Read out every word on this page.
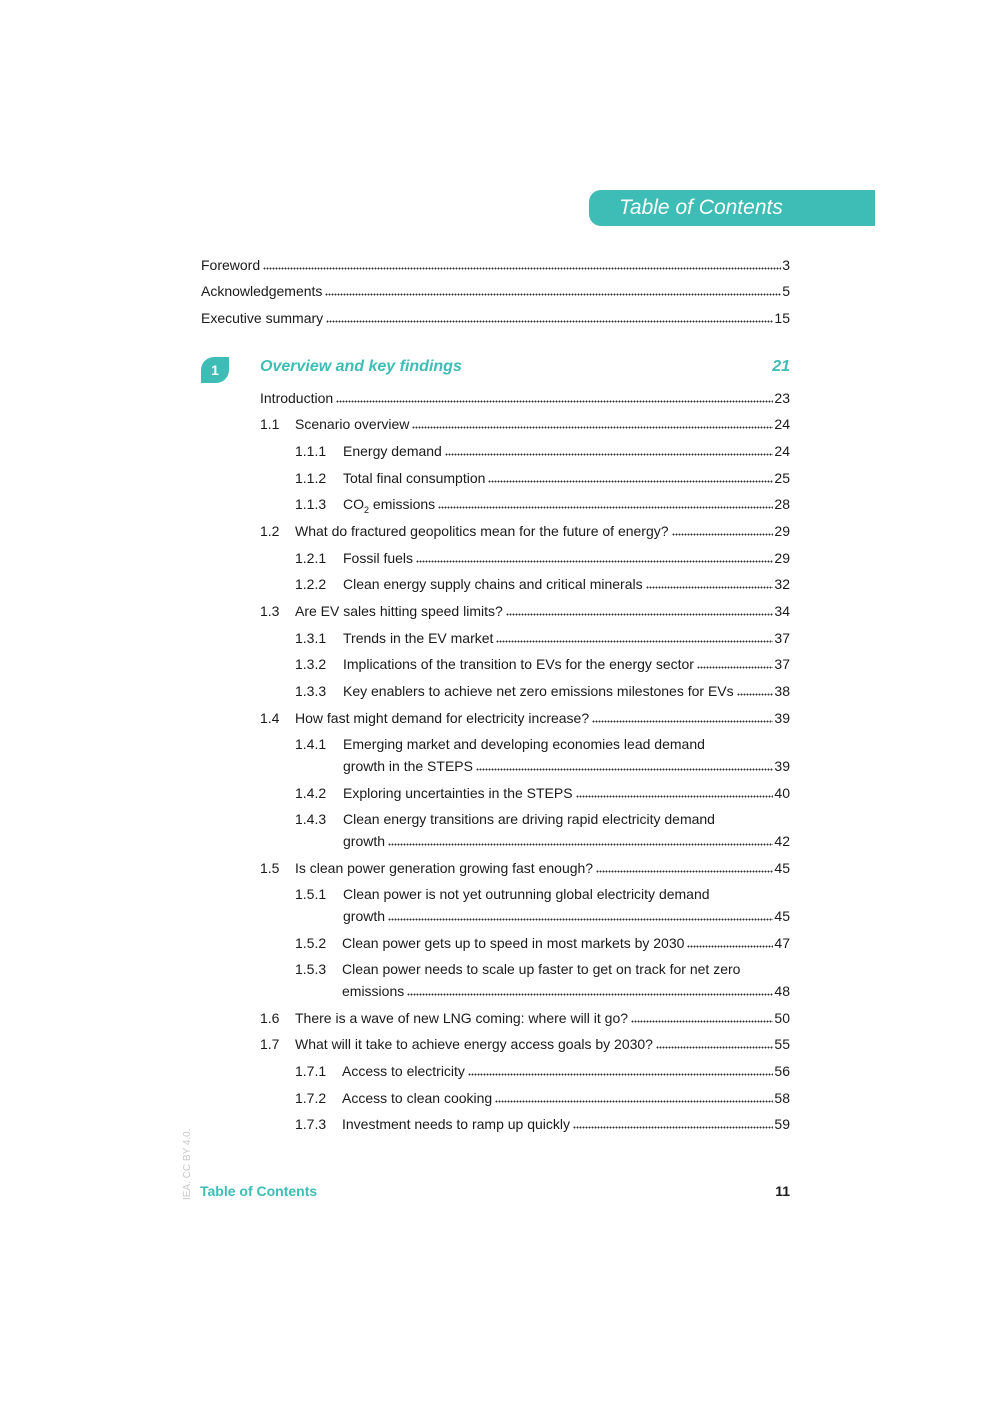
Table of Contents
Foreword	3
Acknowledgements	5
Executive summary	15
1	Overview and key findings	21
Introduction	23
1.1	Scenario overview	24
1.1.1	Energy demand	24
1.1.2	Total final consumption	25
1.1.3	$CO_2$ emissions	28
1.2	What do fractured geopolitics mean for the future of energy?	29
1.2.1	Fossil fuels	29
1.2.2	Clean energy supply chains and critical minerals	32
1.3	Are EV sales hitting speed limits?	34
1.3.1	Trends in the EV market	37
1.3.2	Implications of the transition to EVs for the energy sector	37
1.3.3	Key enablers to achieve net zero emissions milestones for EVs	38
1.4	How fast might demand for electricity increase?	39
1.4.1	Emerging market and developing economies lead demand
growth in the STEPS	39
1.4.2	Exploring uncertainties in the STEPS	40
1.4.3	Clean energy transitions are driving rapid electricity demand
growth	42
1.5	Is clean power generation growing fast enough?	45
1.5.1	Clean power is not yet outrunning global electricity demand
growth	45
1.5.2	Clean power gets up to speed in most markets by 2030	47
1.5.3	Clean power needs to scale up faster to get on track for net zero
emissions	48
1.6	There is a wave of new LNG coming: where will it go?	50
1.7	What will it take to achieve energy access goals by 2030?	55
1.7.1	Access to electricity	56
1.7.2	Access to clean cooking	58
1.7.3	Investment needs to ramp up quickly	59
IEA. CC BY 4.0. Table of Contents	11
